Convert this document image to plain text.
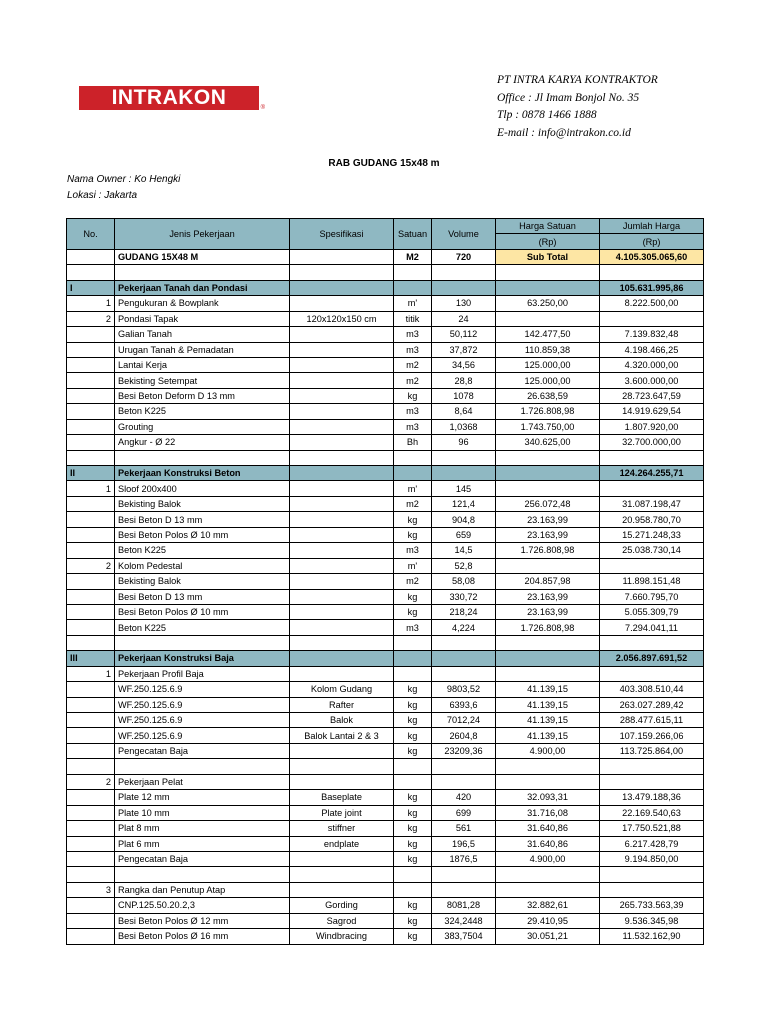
INTRAKON	®
PT INTRA KARYA KONTRAKTOR
Office : Jl Imam Bonjol No. 35
Tlp : 0878 1466 1888
E-mail : info@intrakon.co.id
RAB GUDANG 15x48 m
Nama Owner : Ko Hengki
Lokasi : Jakarta
No.	Jenis Pekerjaan	Spesifikasi	Satuan	Volume	Harga Satuan	Jumlah Harga
					(Rp)	(Rp)
	GUDANG 15X48 M		M2	720	Sub Total	4.105.305.065,60

I	Pekerjaan Tanah dan Pondasi					105.631.995,86
1	Pengukuran & Bowplank		m'	130	63.250,00	8.222.500,00
2	Pondasi Tapak	120x120x150 cm	titik	24		
	Galian Tanah		m3	50,112	142.477,50	7.139.832,48
	Urugan Tanah & Pemadatan		m3	37,872	110.859,38	4.198.466,25
	Lantai Kerja		m2	34,56	125.000,00	4.320.000,00
	Bekisting Setempat		m2	28,8	125.000,00	3.600.000,00
	Besi Beton Deform D 13 mm		kg	1078	26.638,59	28.723.647,59
	Beton K225		m3	8,64	1.726.808,98	14.919.629,54
	Grouting		m3	1,0368	1.743.750,00	1.807.920,00
	Angkur - Ø 22		Bh	96	340.625,00	32.700.000,00

II	Pekerjaan Konstruksi Beton					124.264.255,71
1	Sloof 200x400		m'	145		
	Bekisting Balok		m2	121,4	256.072,48	31.087.198,47
	Besi Beton D 13 mm		kg	904,8	23.163,99	20.958.780,70
	Besi Beton Polos Ø 10 mm		kg	659	23.163,99	15.271.248,33
	Beton K225		m3	14,5	1.726.808,98	25.038.730,14
2	Kolom Pedestal		m'	52,8		
	Bekisting Balok		m2	58,08	204.857,98	11.898.151,48
	Besi Beton D 13 mm		kg	330,72	23.163,99	7.660.795,70
	Besi Beton Polos Ø 10 mm		kg	218,24	23.163,99	5.055.309,79
	Beton K225		m3	4,224	1.726.808,98	7.294.041,11

III	Pekerjaan Konstruksi Baja					2.056.897.691,52
1	Pekerjaan Profil Baja					
	WF.250.125.6.9	Kolom Gudang	kg	9803,52	41.139,15	403.308.510,44
	WF.250.125.6.9	Rafter	kg	6393,6	41.139,15	263.027.289,42
	WF.250.125.6.9	Balok	kg	7012,24	41.139,15	288.477.615,11
	WF.250.125.6.9	Balok Lantai 2 & 3	kg	2604,8	41.139,15	107.159.266,06
	Pengecatan Baja		kg	23209,36	4.900,00	113.725.864,00

2	Pekerjaan Pelat					
	Plate 12 mm	Baseplate	kg	420	32.093,31	13.479.188,36
	Plate 10 mm	Plate joint	kg	699	31.716,08	22.169.540,63
	Plat 8 mm	stiffner	kg	561	31.640,86	17.750.521,88
	Plat 6 mm	endplate	kg	196,5	31.640,86	6.217.428,79
	Pengecatan Baja		kg	1876,5	4.900,00	9.194.850,00

3	Rangka dan Penutup Atap					
	CNP.125.50.20.2,3	Gording	kg	8081,28	32.882,61	265.733.563,39
	Besi Beton Polos Ø 12 mm	Sagrod	kg	324,2448	29.410,95	9.536.345,98
	Besi Beton Polos Ø 16 mm	Windbracing	kg	383,7504	30.051,21	11.532.162,90
